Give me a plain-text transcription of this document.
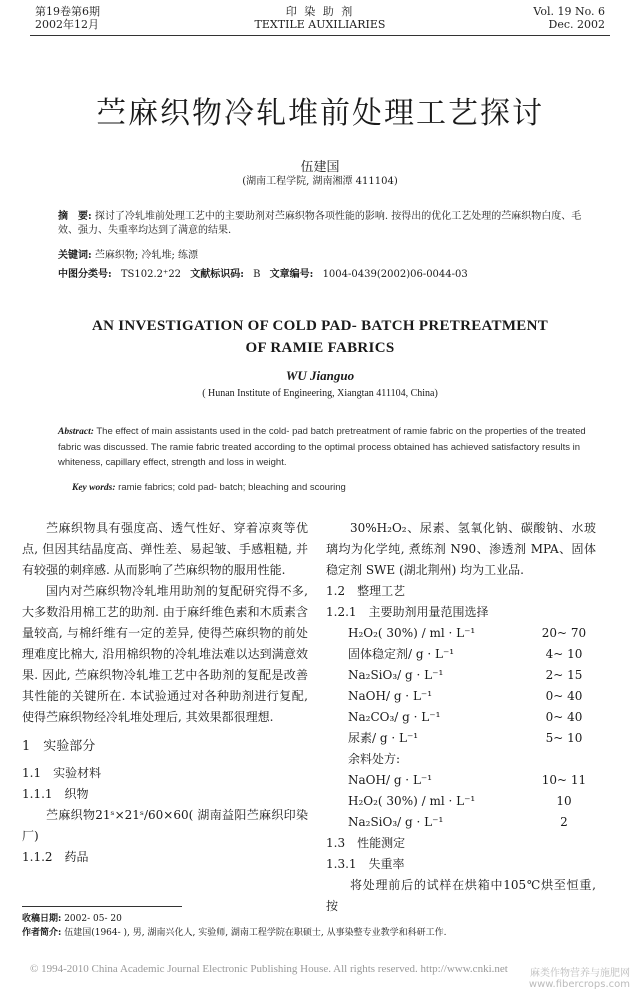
第19卷第6期
2002年12月
印 染 助 剂
TEXTILE AUXILIARIES
Vol. 19 No. 6
Dec. 2002
苎麻织物冷轧堆前处理工艺探讨
伍建国
(湖南工程学院, 湖南湘潭 411104)
摘　要: 探讨了冷轧堆前处理工艺中的主要助剂对苎麻织物各项性能的影响. 按得出的优化工艺处理的苎麻织物白度、毛效、强力、失重率均达到了满意的结果.
关键词: 苎麻织物; 冷轧堆; 练漂
中图分类号: TS102.2⁺22 文献标识码: B 文章编号: 1004-0439(2002)06-0044-03
AN INVESTIGATION OF COLD PAD- BATCH PRETREATMENT
OF RAMIE FABRICS
WU Jianguo
( Hunan Institute of Engineering, Xiangtan 411104, China)
Abstract: The effect of main assistants used in the cold- pad batch pretreatment of ramie fabric on the properties of the treated fabric was discussed. The ramie fabric treated according to the optimal process obtained has achieved satisfactory results in whiteness, capillary effect, strength and loss in weight.
Key words: ramie fabrics; cold pad- batch; bleaching and scouring

苎麻织物具有强度高、透气性好、穿着凉爽等优点, 但因其结晶度高、弹性差、易起皱、手感粗糙, 并有较强的刺痒感. 从而影响了苎麻织物的服用性能.

国内对苎麻织物冷轧堆用助剂的复配研究得不多, 大多数沿用棉工艺的助剂. 由于麻纤维色素和木质素含量较高, 与棉纤维有一定的差异, 使得苎麻织物的前处理难度比棉大, 沿用棉织物的冷轧堆法难以达到满意效果. 因此, 苎麻织物冷轧堆工艺中各助剂的复配是改善其性能的关键所在. 本试验通过对各种助剂进行复配, 使得苎麻织物经冷轧堆处理后, 其效果都很理想.

1　实验部分
1.1　实验材料
1.1.1　织物

苎麻织物21ˢ×21ˢ/60×60( 湖南益阳苎麻织印染厂)

1.1.2　药品

30%H₂O₂、尿素、氢氧化钠、碳酸钠、水玻璃均为化学纯, 煮练剂 N90、渗透剂 MPA、固体稳定剂 SWE (湖北荆州) 均为工业品.

1.2　整理工艺
1.2.1　主要助剂用量范围选择
H₂O₂( 30%) / ml · L⁻¹	20~ 70
固体稳定剂/ g · L⁻¹	4~ 10
Na₂SiO₃/ g · L⁻¹	2~ 15
NaOH/ g · L⁻¹	0~ 40
Na₂CO₃/ g · L⁻¹	0~ 40
尿素/ g · L⁻¹	5~ 10
余料处方:
NaOH/ g · L⁻¹	10~ 11
H₂O₂( 30%) / ml · L⁻¹	10
Na₂SiO₃/ g · L⁻¹	2
1.3　性能测定
1.3.1　失重率

将处理前后的试样在烘箱中105℃烘至恒重, 按

收稿日期: 2002- 05- 20
作者简介: 伍建国(1964- ), 男, 湖南兴化人, 实验师, 湖南工程学院在职硕士, 从事染整专业教学和科研工作.
© 1994-2010 China Academic Journal Electronic Publishing House. All rights reserved. http://www.cnki.net	麻类作物营养与施肥网
www.fibercrops.com
